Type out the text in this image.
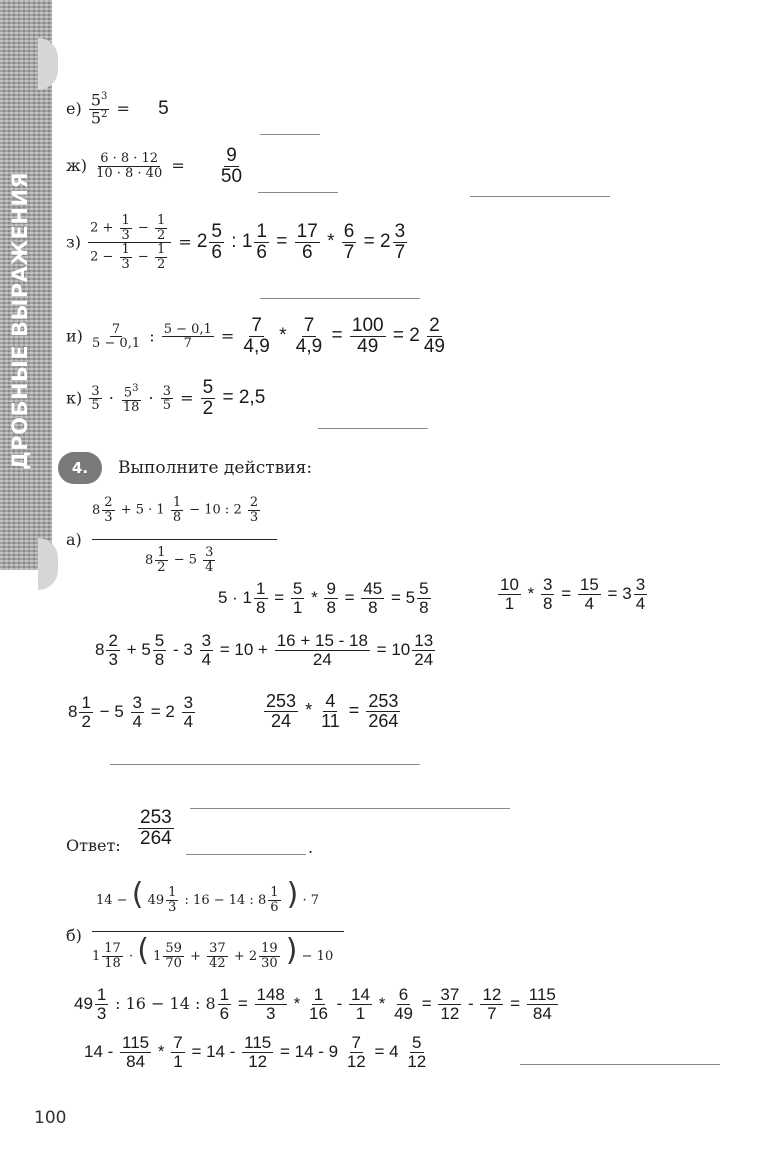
ДРОБНЫЕ ВЫРАЖЕНИЯ
$е) \frac{5^3}{5^2} = 5$
$ж) \frac{6 \cdot 8 \cdot 12}{10 \cdot 8 \cdot 40} = \frac{9}{50}$
$з) \frac{2 + \frac{1}{3} - \frac{1}{2}}{2 - \frac{1}{3} - \frac{1}{2}} = 2 \frac{5}{6}$ : $1 \frac{1}{6} = \frac{17}{6} * \frac{6}{7} = 2 \frac{3}{7}$
$и) \frac{7}{5 - 0,1}$ : $\frac{5 - 0,1}{7} = \frac{7}{4,9} * \frac{7}{4,9} = \frac{100}{49} = 2 \frac{2}{49}$
$к) \frac{3}{5} \cdot \frac{5^3}{18} \cdot \frac{3}{5} = \frac{5}{2} = 2,5$
4. Выполните действия:
а)
$8 \frac{2}{3} + 5 \cdot 1 \frac{1}{8} - 10$ : $2 \frac{2}{3}$
$8 \frac{1}{2} - 5 \frac{3}{4}$
$5 \cdot 1 \frac{1}{8} = \frac{5}{1} * \frac{9}{8} = \frac{45}{8} = 5 \frac{5}{8}$	$\frac{10}{1} * \frac{3}{8} = \frac{15}{4} = 3 \frac{3}{4}$
$8 \frac{2}{3} + 5 \frac{5}{8} - 3 \frac{3}{4} = 10 + \frac{16 + 15 - 18}{24} = 10 \frac{13}{24}$
$8 \frac{1}{2} - 5 \frac{3}{4} = 2 \frac{3}{4}$	$\frac{253}{24} * \frac{4}{11} = \frac{253}{264}$
Ответ: $\frac{253}{264}$	.
б)
14 − ( $49 \frac{1}{3}$ : 16 − 14 : $8 \frac{1}{6}$ ) · 7
$1 \frac{17}{18}$ · ( $1 \frac{59}{70} + \frac{37}{42} + 2 \frac{19}{30}$ ) − 10
$49 \frac{1}{3}$ : 16 − 14 : $8 \frac{1}{6} = \frac{148}{3} * \frac{1}{16} - \frac{14}{1} * \frac{6}{49} = \frac{37}{12} - \frac{12}{7} = \frac{115}{84}$
$14 - \frac{115}{84} * \frac{7}{1} = 14 - \frac{115}{12} = 14 - 9 \frac{7}{12} = 4 \frac{5}{12}$
100
